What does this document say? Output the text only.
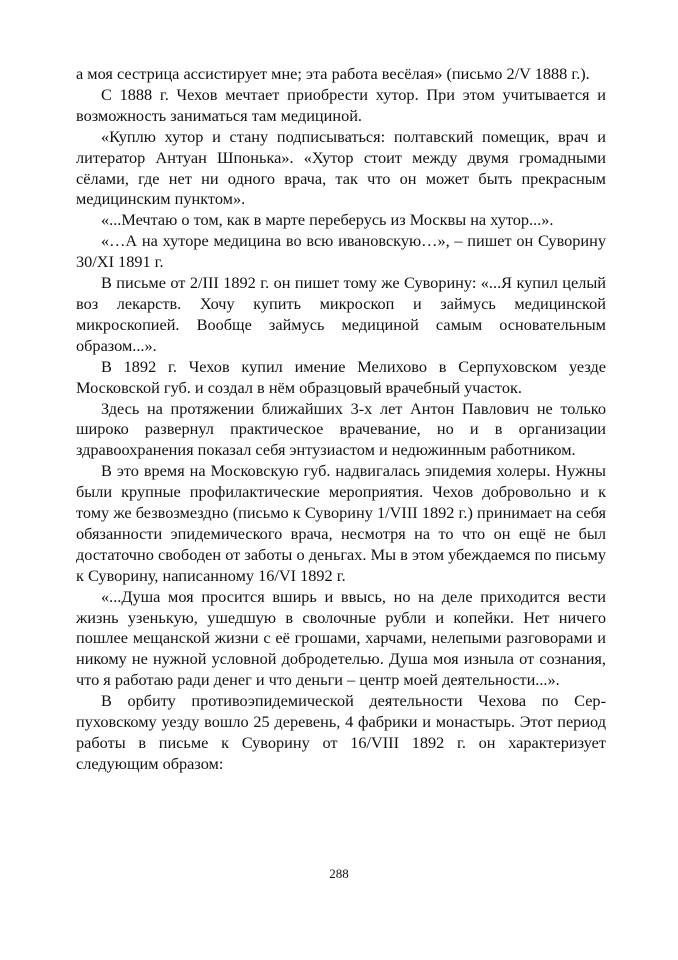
а моя сестрица ассистирует мне; эта работа весёлая» (письмо 2/V 1888 г.).

С 1888 г. Чехов мечтает приобрести хутор. При этом учитывается и возможность заниматься там медициной.

«Куплю хутор и стану подписываться: полтавский помещик, врач и литератор Антуан Шпонька». «Хутор стоит между двумя громадными сёлами, где нет ни одного врача, так что он может быть прекрасным медицинским пунктом».

«...Мечтаю о том, как в марте переберусь из Москвы на хутор...».

«…А на хуторе медицина во всю ивановскую…», – пишет он Суворину 30/XI 1891 г.

В письме от 2/III 1892 г. он пишет тому же Суворину: «...Я купил целый воз лекарств. Хочу купить микроскоп и займусь медицинской микроскопией. Вообще займусь медициной самым основательным образом...».

В 1892 г. Чехов купил имение Мелихово в Серпуховском уезде Московской губ. и создал в нём образцовый врачебный участок.

Здесь на протяжении ближайших 3-х лет Антон Павлович не только широко развернул практическое врачевание, но и в организации здравоохранения показал себя энтузиастом и недюжинным работником.

В это время на Московскую губ. надвигалась эпидемия холеры. Нужны были крупные профилактические мероприятия. Чехов добровольно и к тому же безвозмездно (письмо к Суворину 1/VIII 1892 г.) принимает на себя обязанности эпидемического врача, несмотря на то что он ещё не был достаточно свободен от заботы о деньгах. Мы в этом убеждаемся по письму к Суворину, написанному 16/VI 1892 г.

«...Душа моя просится вширь и ввысь, но на деле приходится вести жизнь узенькую, ушедшую в сволочные рубли и копейки. Нет ничего пошлее мещанской жизни с её грошами, харчами, нелепыми разговорами и никому не нужной условной добродетелью. Душа моя изныла от сознания, что я работаю ради денег и что деньги – центр моей деятельности...».

В орбиту противоэпидемической деятельности Чехова по Серпуховскому уезду вошло 25 деревень, 4 фабрики и монастырь. Этот период работы в письме к Суворину от 16/VIII 1892 г. он характеризует следующим образом:

288
